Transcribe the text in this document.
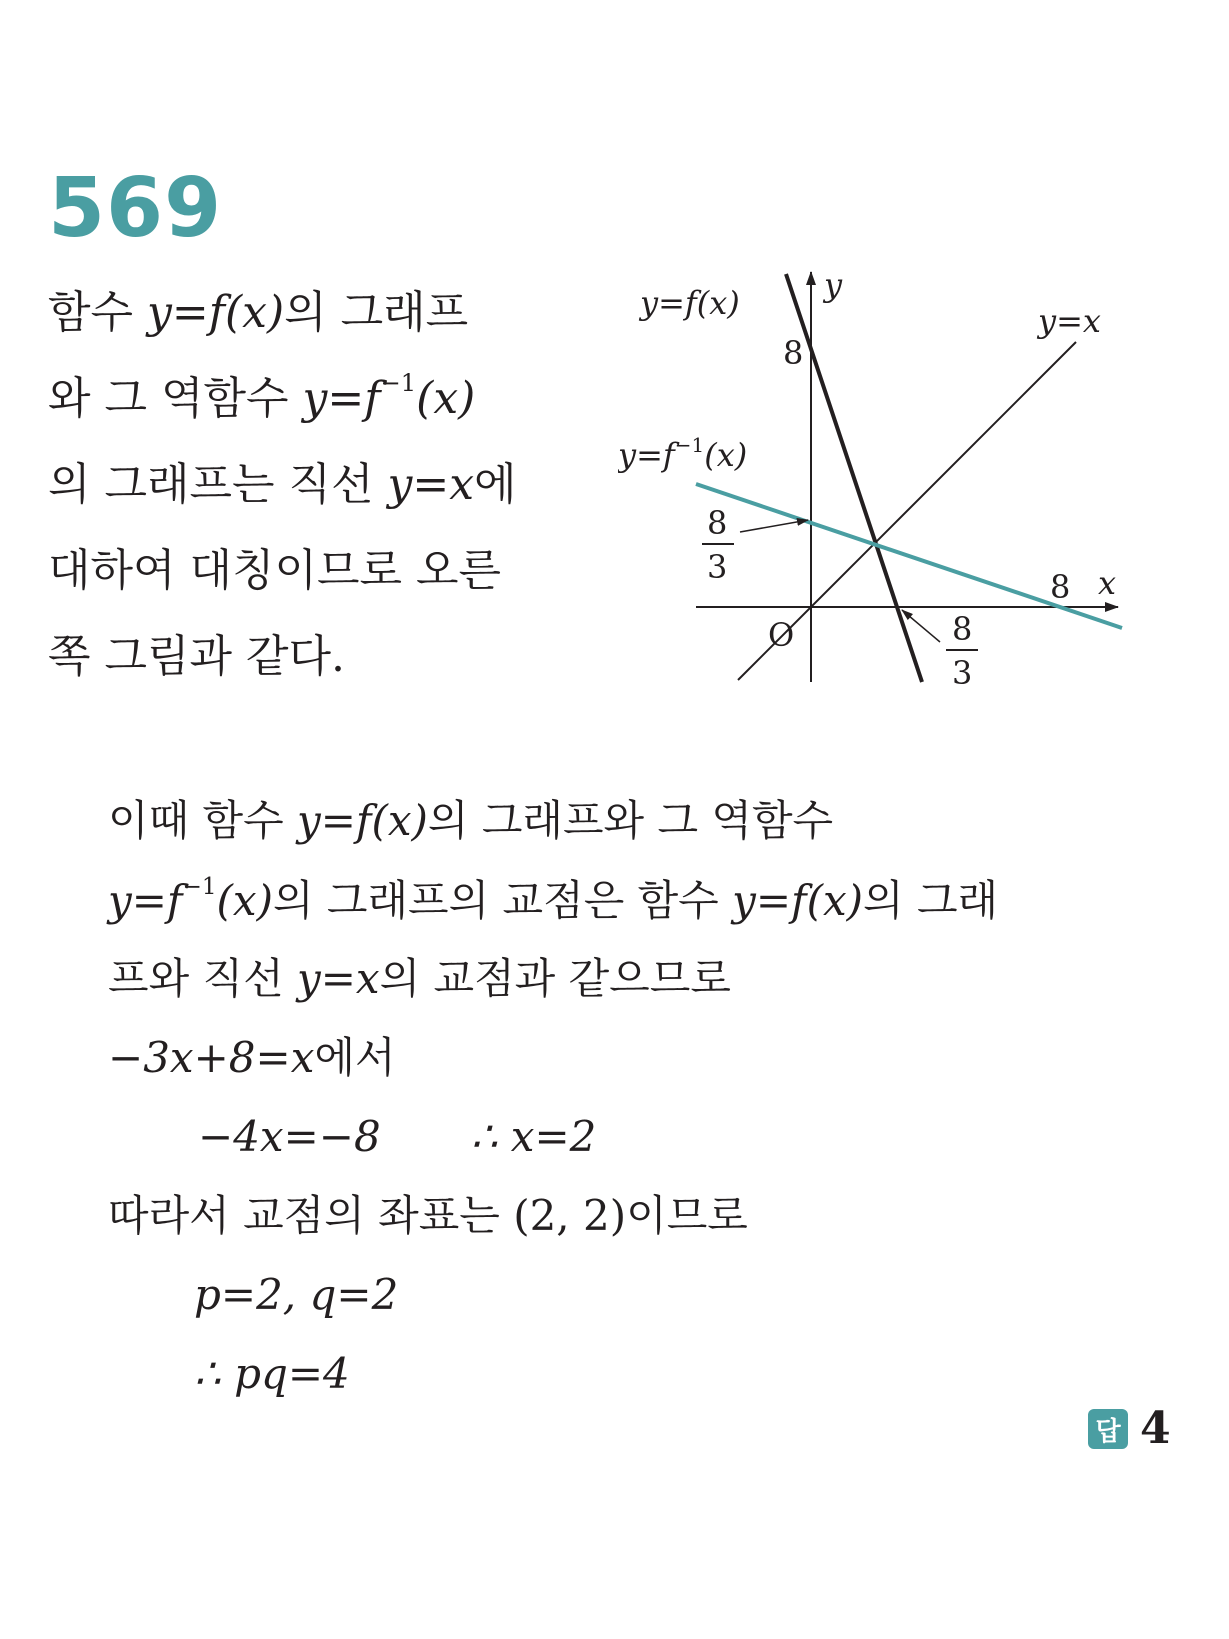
569
함수 y=f(x)의 그래프
와 그 역함수 $y=f^{-1}(x)$
의 그래프는 직선 y=x에
대하여 대칭이므로 오른
쪽 그림과 같다.
y=f(x)	y
y=x
8
$y=f^{-1}(x)$
8
3
8 x
O	8
3
이때 함수 y=f(x)의 그래프와 그 역함수
$y=f^{-1}(x)$의 그래프의 교점은 함수 y=f(x)의 그래
프와 직선 y=x의 교점과 같으므로
−3x+8=x에서
−4x=−8 ∴ x=2
따라서 교점의 좌표는 (2, 2)이므로
p=2, q=2
∴ pq=4
답 4
